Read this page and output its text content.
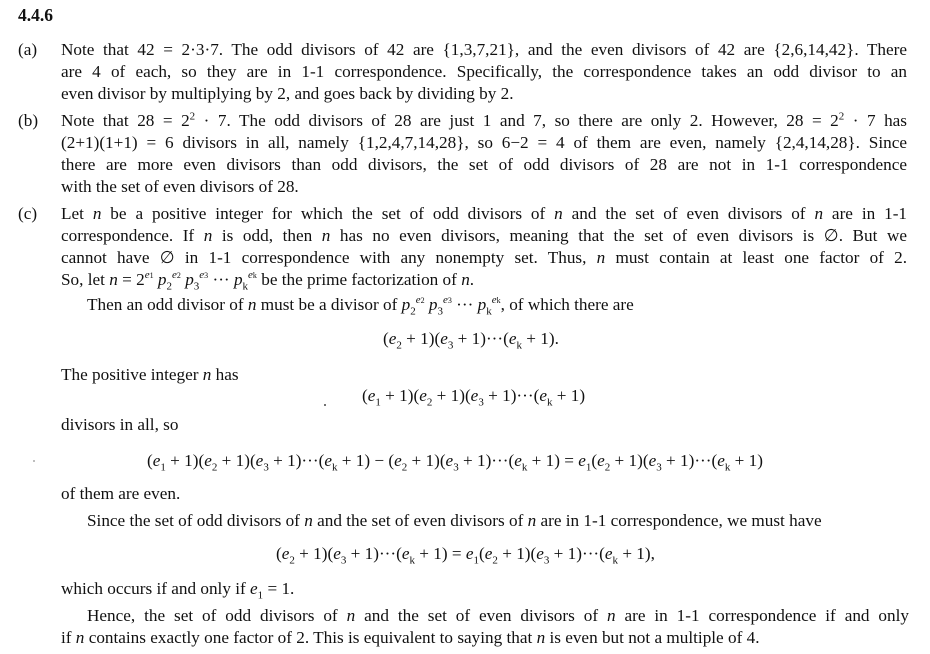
4.4.6
(a)	Note that 42 = 2·3·7. The odd divisors of 42 are {1,3,7,21}, and the even divisors of 42 are {2,6,14,42}. There
are 4 of each, so they are in 1-1 correspondence. Specifically, the correspondence takes an odd divisor to an
even divisor by multiplying by 2, and goes back by dividing by 2.
(b)	Note that $28 = 2^2 \cdot 7$. The odd divisors of 28 are just 1 and 7, so there are only 2. However, $28 = 2^2 \cdot 7$ has
(2+1)(1+1) = 6 divisors in all, namely {1,2,4,7,14,28}, so 6−2 = 4 of them are even, namely {2,4,14,28}. Since
there are more even divisors than odd divisors, the set of odd divisors of 28 are not in 1-1 correspondence
with the set of even divisors of 28.
(c)	Let n be a positive integer for which the set of odd divisors of n and the set of even divisors of n are in 1-1
correspondence. If n is odd, then n has no even divisors, meaning that the set of even divisors is ∅. But we
cannot have ∅ in 1-1 correspondence with any nonempty set. Thus, n must contain at least one factor of 2.
So, let $n = 2^{e1}$ $p_2^{e2}$ $p_3^{e3}$ ··· $p_k^{ek}$ be the prime factorization of n.
Then an odd divisor of n must be a divisor of $p_2^{e2}$ $p_3^{e3}$ ··· $p_k^{ek}$, of which there are
$(e_2 + 1)(e_3 + 1)\cdot\cdot\cdot(e_k + 1)$.
The positive integer n has
$(e_1 + 1)(e_2 + 1)(e_3 + 1)\cdot\cdot\cdot(e_k + 1)$
divisors in all, so
$(e_1 + 1)(e_2 + 1)(e_3 + 1)\cdot\cdot\cdot(e_k + 1) - (e_2 + 1)(e_3 + 1)\cdot\cdot\cdot(e_k + 1) = e_1(e_2 + 1)(e_3 + 1)\cdot\cdot\cdot(e_k + 1)$
of them are even.
Since the set of odd divisors of n and the set of even divisors of n are in 1-1 correspondence, we must have
$(e_2 + 1)(e_3 + 1)\cdot\cdot\cdot(e_k + 1) = e_1(e_2 + 1)(e_3 + 1)\cdot\cdot\cdot(e_k + 1)$,
which occurs if and only if $e_1 = 1$.
Hence, the set of odd divisors of n and the set of even divisors of n are in 1-1 correspondence if and only
if n contains exactly one factor of 2. This is equivalent to saying that n is even but not a multiple of 4.
